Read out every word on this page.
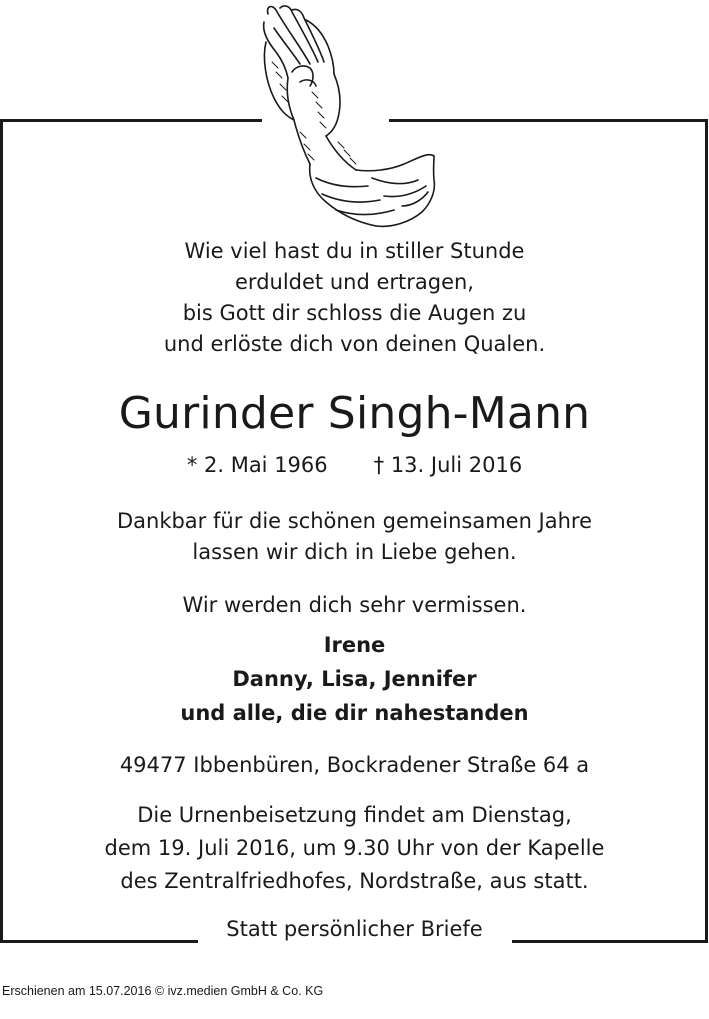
Wie viel hast du in stiller Stunde
erduldet und ertragen,
bis Gott dir schloss die Augen zu
und erlöste dich von deinen Qualen.
Gurinder Singh-Mann
* 2. Mai 1966 † 13. Juli 2016
Dankbar für die schönen gemeinsamen Jahre
lassen wir dich in Liebe gehen.
Wir werden dich sehr vermissen.
Irene
Danny, Lisa, Jennifer
und alle, die dir nahestanden
49477 Ibbenbüren, Bockradener Straße 64 a
Die Urnenbeisetzung findet am Dienstag,
dem 19. Juli 2016, um 9.30 Uhr von der Kapelle
des Zentralfriedhofes, Nordstraße, aus statt.
Statt persönlicher Briefe
Erschienen am 15.07.2016 © ivz.medien GmbH & Co. KG
